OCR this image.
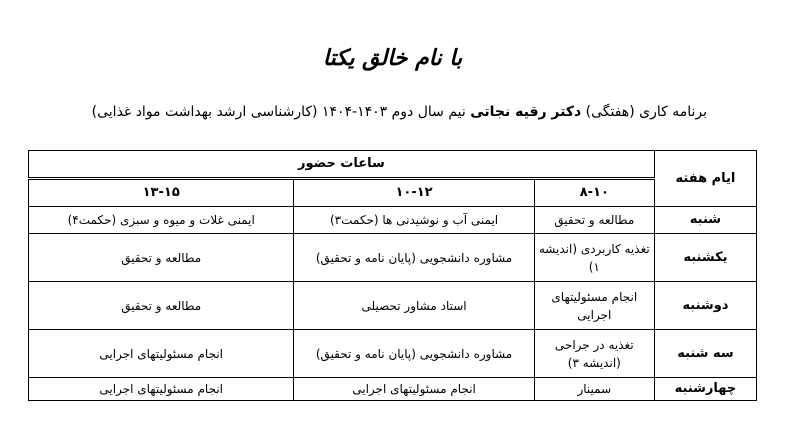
با نام خالق یکتا
برنامه کاری (هفتگی) دکتر رقیه نجاتی نیم سال دوم ۱۴۰۳-۱۴۰۴ (کارشناسی ارشد بهداشت مواد غذایی)
ایام هفته	ساعات حضور		
	۸-۱۰	۱۰-۱۲	۱۳-۱۵
شنبه	مطالعه و تحقیق	ایمنی آب و نوشیدنی ها (حکمت۳)	ایمنی غلات و میوه و سبزی (حکمت۴)
یکشنبه	تغذیه کاربردی (اندیشه ۱)	مشاوره دانشجویی (پایان نامه و تحقیق)	مطالعه و تحقیق
دوشنبه	انجام مسئولیتهای اجرایی	استاد مشاور تحصیلی	مطالعه و تحقیق
سه شنبه	تغذیه در جراحی (اندیشه ۳)	مشاوره دانشجویی (پایان نامه و تحقیق)	انجام مسئولیتهای اجرایی
چهارشنبه	سمینار	انجام مسئولیتهای اجرایی	انجام مسئولیتهای اجرایی
